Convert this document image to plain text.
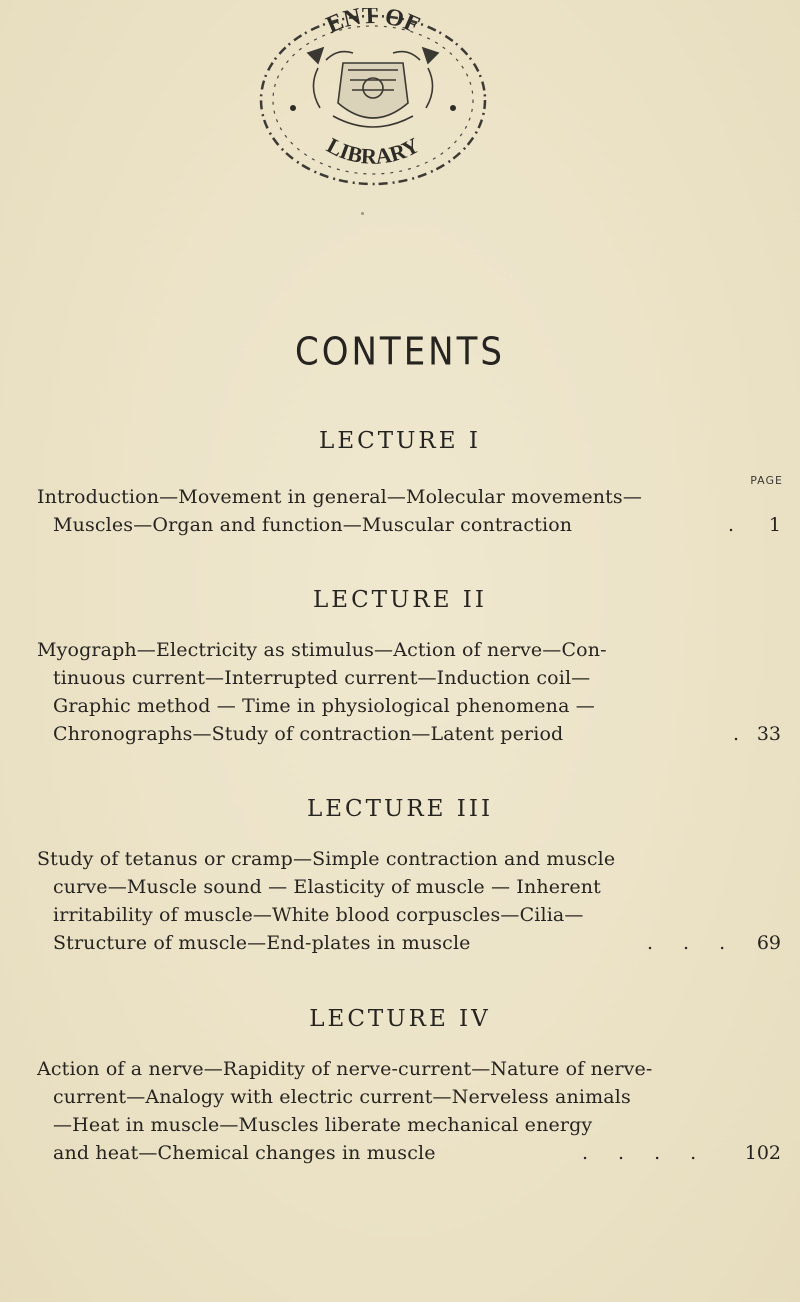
ENT OF
LIBRARY
CONTENTS
LECTURE I
PAGE
Introduction—Movement in general—Molecular movements—
Muscles—Organ and function—Muscular contraction	. 1
LECTURE II
Myograph—Electricity as stimulus—Action of nerve—Con-
tinuous current—Interrupted current—Induction coil—
Graphic method — Time in physiological phenomena —
Chronographs—Study of contraction—Latent period	. 33
LECTURE III
Study of tetanus or cramp—Simple contraction and muscle
curve—Muscle sound — Elasticity of muscle — Inherent
irritability of muscle—White blood corpuscles—Cilia—
Structure of muscle—End-plates in muscle	... 69
LECTURE IV
Action of a nerve—Rapidity of nerve-current—Nature of nerve-
current—Analogy with electric current—Nerveless animals
—Heat in muscle—Muscles liberate mechanical energy
and heat—Chemical changes in muscle	.... 102
